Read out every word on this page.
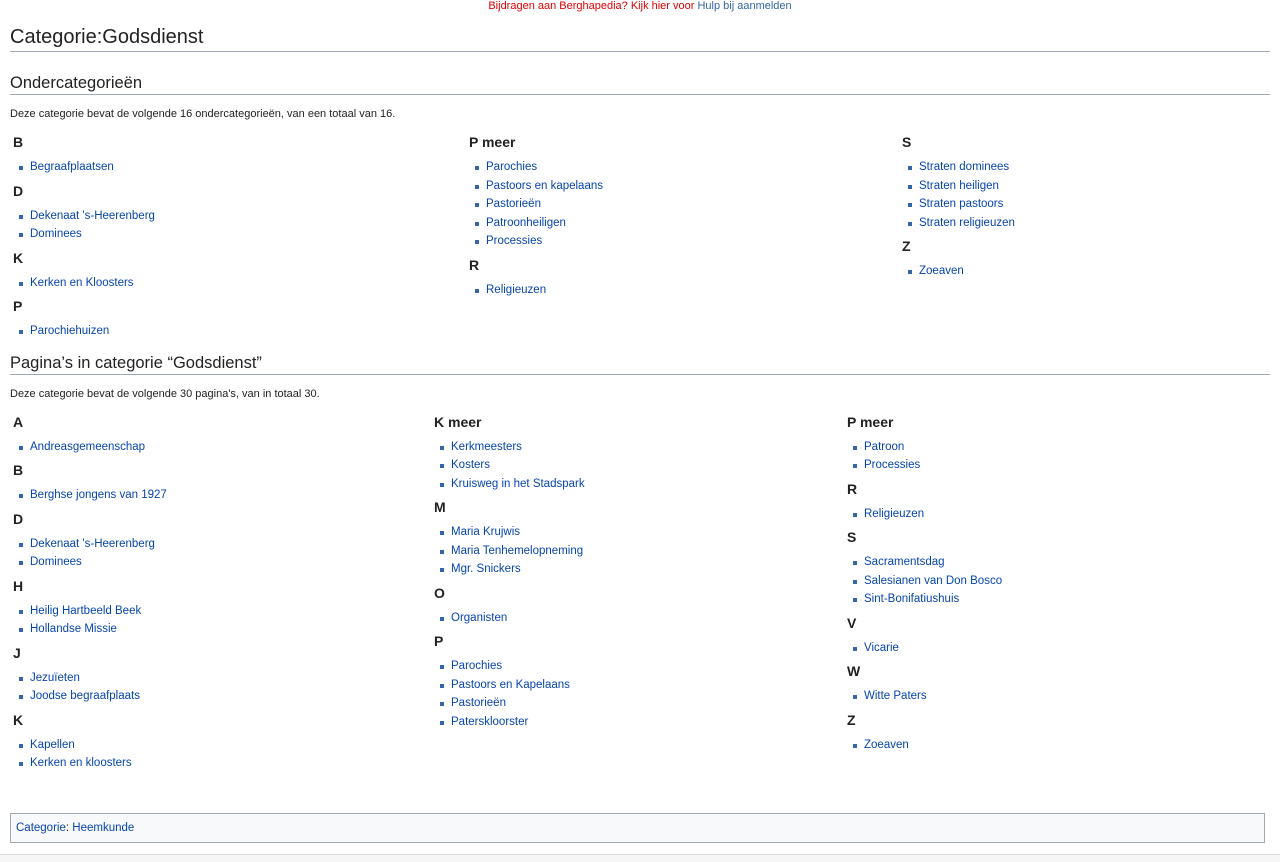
Bijdragen aan Berghapedia? Kijk hier voor Hulp bij aanmelden
Categorie:Godsdienst
Ondercategorieën

Deze categorie bevat de volgende 16 ondercategorieën, van een totaal van 16.

B
Begraafplaatsen
D
Dekenaat 's-Heerenberg
Dominees
K
Kerken en Kloosters
P
Parochiehuizen
P meer
Parochies
Pastoors en kapelaans
Pastorieën
Patroonheiligen
Processies
R
Religieuzen
S
Straten dominees
Straten heiligen
Straten pastoors
Straten religieuzen
Z
Zoeaven
Pagina’s in categorie “Godsdienst”

Deze categorie bevat de volgende 30 pagina's, van in totaal 30.

A
Andreasgemeenschap
B
Berghse jongens van 1927
D
Dekenaat 's-Heerenberg
Dominees
H
Heilig Hartbeeld Beek
Hollandse Missie
J
Jezuïeten
Joodse begraafplaats
K
Kapellen
Kerken en kloosters
K meer
Kerkmeesters
Kosters
Kruisweg in het Stadspark
M
Maria Krujwis
Maria Tenhemelopneming
Mgr. Snickers
O
Organisten
P
Parochies
Pastoors en Kapelaans
Pastorieën
Paterskloorster
P meer
Patroon
Processies
R
Religieuzen
S
Sacramentsdag
Salesianen van Don Bosco
Sint-Bonifatiushuis
V
Vicarie
W
Witte Paters
Z
Zoeaven
Categorie: Heemkunde
